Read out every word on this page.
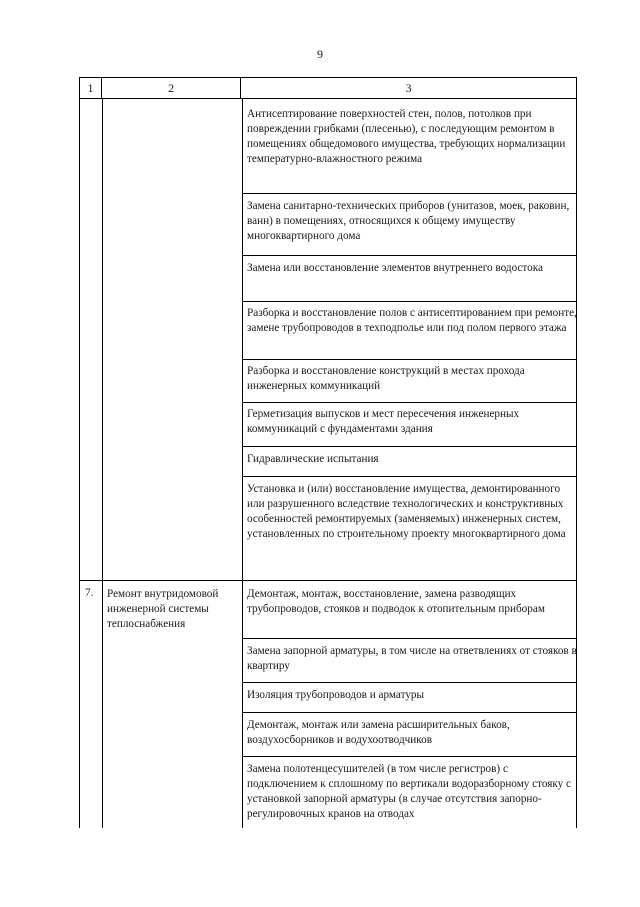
9
1	2	3
Антисептирование поверхностей стен, полов, потолков при повреждении грибками (плесенью), с последующим ремонтом в помещениях общедомового имущества, требующих нормализации температурно-влажностного режима
Замена санитарно-технических приборов (унитазов, моек, раковин, ванн) в помещениях, относящихся к общему имуществу многоквартирного дома
Замена или восстановление элементов внутреннего водостока
Разборка и восстановление полов с антисептированием при ремонте, замене трубопроводов в техподполье или под полом первого этажа
Разборка и восстановление конструкций в местах прохода инженерных коммуникаций
Герметизация выпусков и мест пересечения инженерных коммуникаций с фундаментами здания
Гидравлические испытания
Установка и (или) восстановление имущества, демонтированного или разрушенного вследствие технологических и конструктивных особенностей ремонтируемых (заменяемых) инженерных систем, установленных по строительному проекту многоквартирного дома
7. Ремонт внутридомовой инженерной системы теплоснабжения
Демонтаж, монтаж, восстановление, замена разводящих трубопроводов, стояков и подводок к отопительным приборам
Замена запорной арматуры, в том числе на ответвлениях от стояков в квартиру
Изоляция трубопроводов и арматуры
Демонтаж, монтаж или замена расширительных баков, воздухосборников и водухоотводчиков
Замена полотенцесушителей (в том числе регистров) с подключением к сплошному по вертикали водоразборному стояку с установкой запорной арматуры (в случае отсутствия запорно-регулировочных кранов на отводах
